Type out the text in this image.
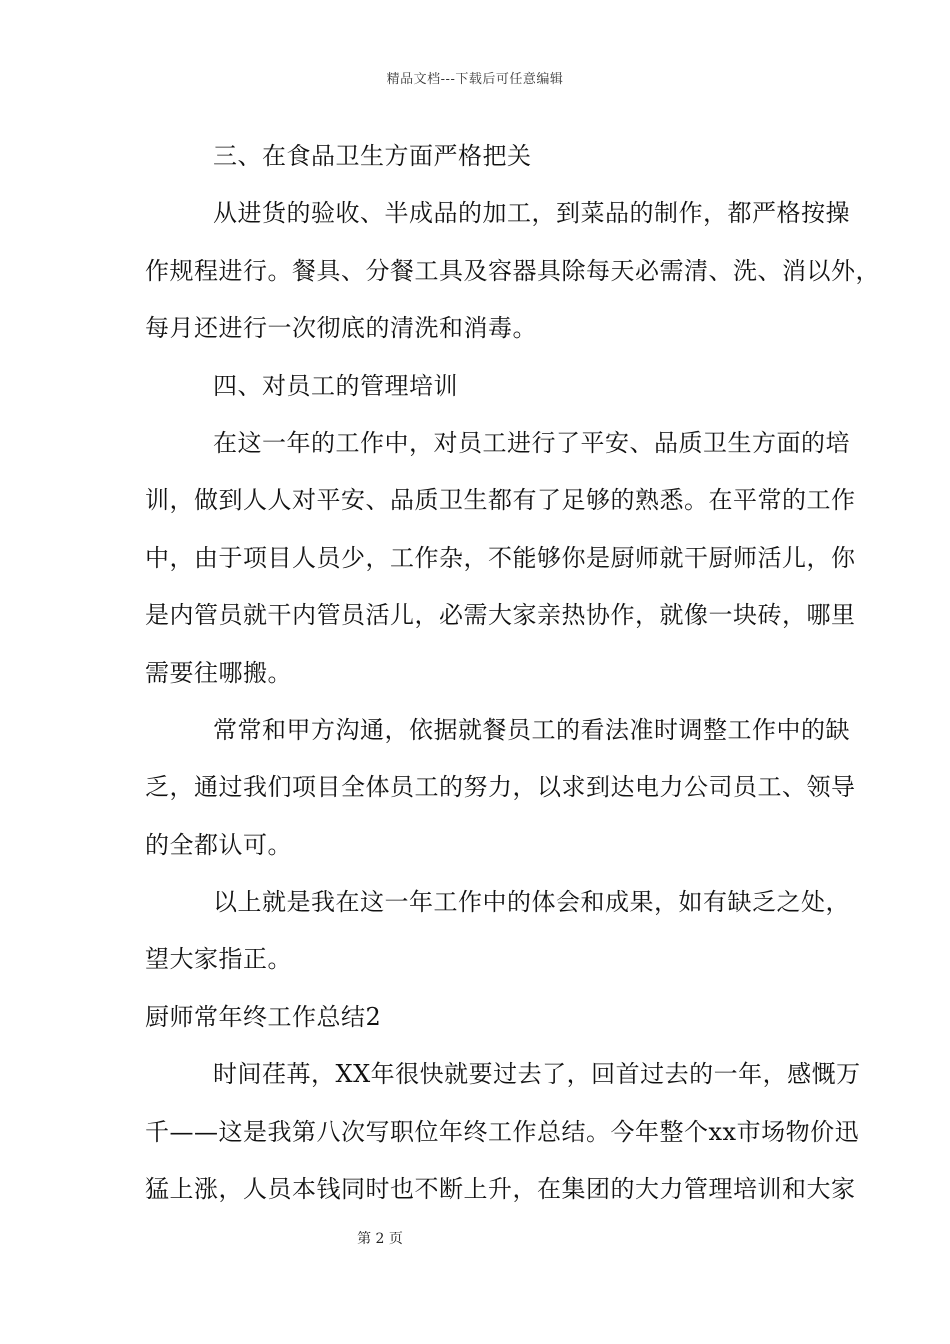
精品文档---下载后可任意编辑
三、在食品卫生方面严格把关
从进货的验收、半成品的加工，到菜品的制作，都严格按操
作规程进行。餐具、分餐工具及容器具除每天必需清、洗、消以外，
每月还进行一次彻底的清洗和消毒。
四、对员工的管理培训
在这一年的工作中，对员工进行了平安、品质卫生方面的培
训，做到人人对平安、品质卫生都有了足够的熟悉。在平常的工作
中，由于项目人员少，工作杂，不能够你是厨师就干厨师活儿，你
是内管员就干内管员活儿，必需大家亲热协作，就像一块砖，哪里
需要往哪搬。
常常和甲方沟通，依据就餐员工的看法准时调整工作中的缺
乏，通过我们项目全体员工的努力，以求到达电力公司员工、领导
的全都认可。
以上就是我在这一年工作中的体会和成果，如有缺乏之处，
望大家指正。
厨师常年终工作总结2
时间荏苒，XX年很快就要过去了，回首过去的一年，感慨万
千——这是我第八次写职位年终工作总结。今年整个xx市场物价迅
猛上涨，人员本钱同时也不断上升，在集团的大力管理培训和大家
第 2 页
